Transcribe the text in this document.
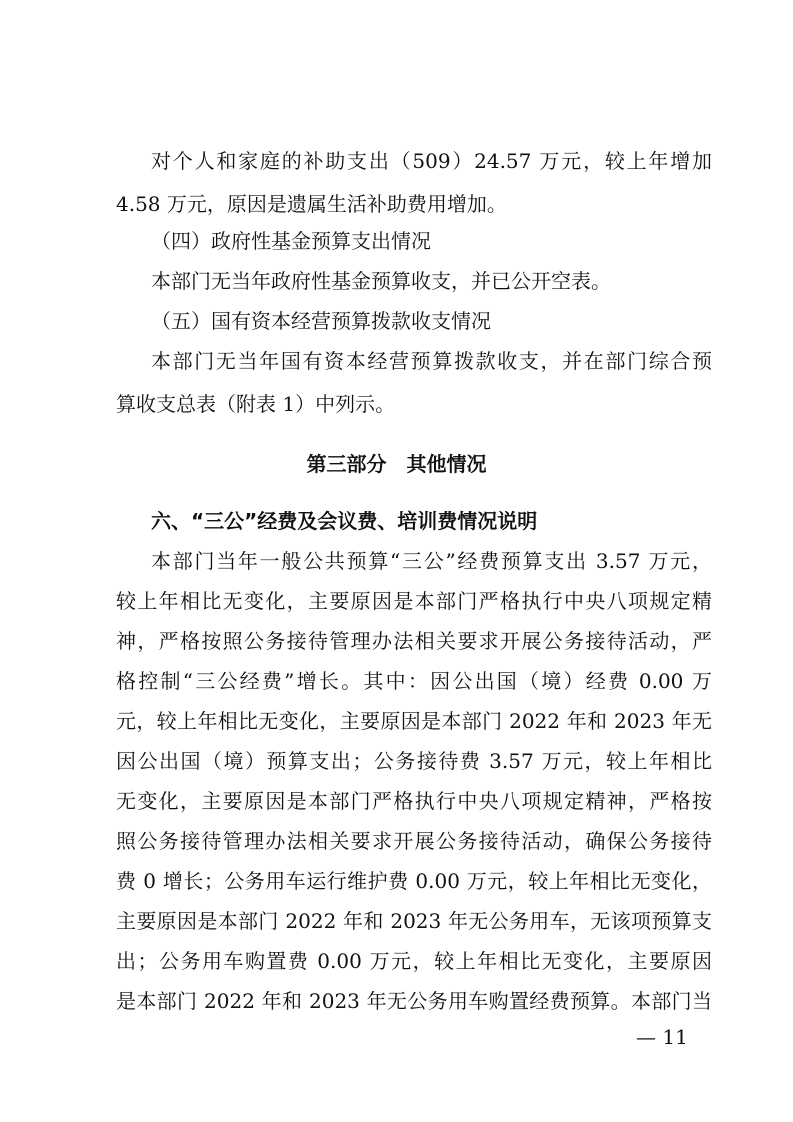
对个人和家庭的补助支出（509）24.57 万元，较上年增加
4.58 万元，原因是遗属生活补助费用增加。
（四）政府性基金预算支出情况
本部门无当年政府性基金预算收支，并已公开空表。
（五）国有资本经营预算拨款收支情况
本部门无当年国有资本经营预算拨款收支，并在部门综合预
算收支总表（附表 1）中列示。
第三部分　其他情况
六、“三公”经费及会议费、培训费情况说明
本部门当年一般公共预算“三公”经费预算支出 3.57 万元，
较上年相比无变化，主要原因是本部门严格执行中央八项规定精
神，严格按照公务接待管理办法相关要求开展公务接待活动，严
格控制“三公经费”增长。其中：因公出国（境）经费 0.00 万
元，较上年相比无变化，主要原因是本部门 2022 年和 2023 年无
因公出国（境）预算支出；公务接待费 3.57 万元，较上年相比
无变化，主要原因是本部门严格执行中央八项规定精神，严格按
照公务接待管理办法相关要求开展公务接待活动，确保公务接待
费 0 增长；公务用车运行维护费 0.00 万元，较上年相比无变化，
主要原因是本部门 2022 年和 2023 年无公务用车，无该项预算支
出；公务用车购置费 0.00 万元，较上年相比无变化，主要原因
是本部门 2022 年和 2023 年无公务用车购置经费预算。本部门当
— 11
